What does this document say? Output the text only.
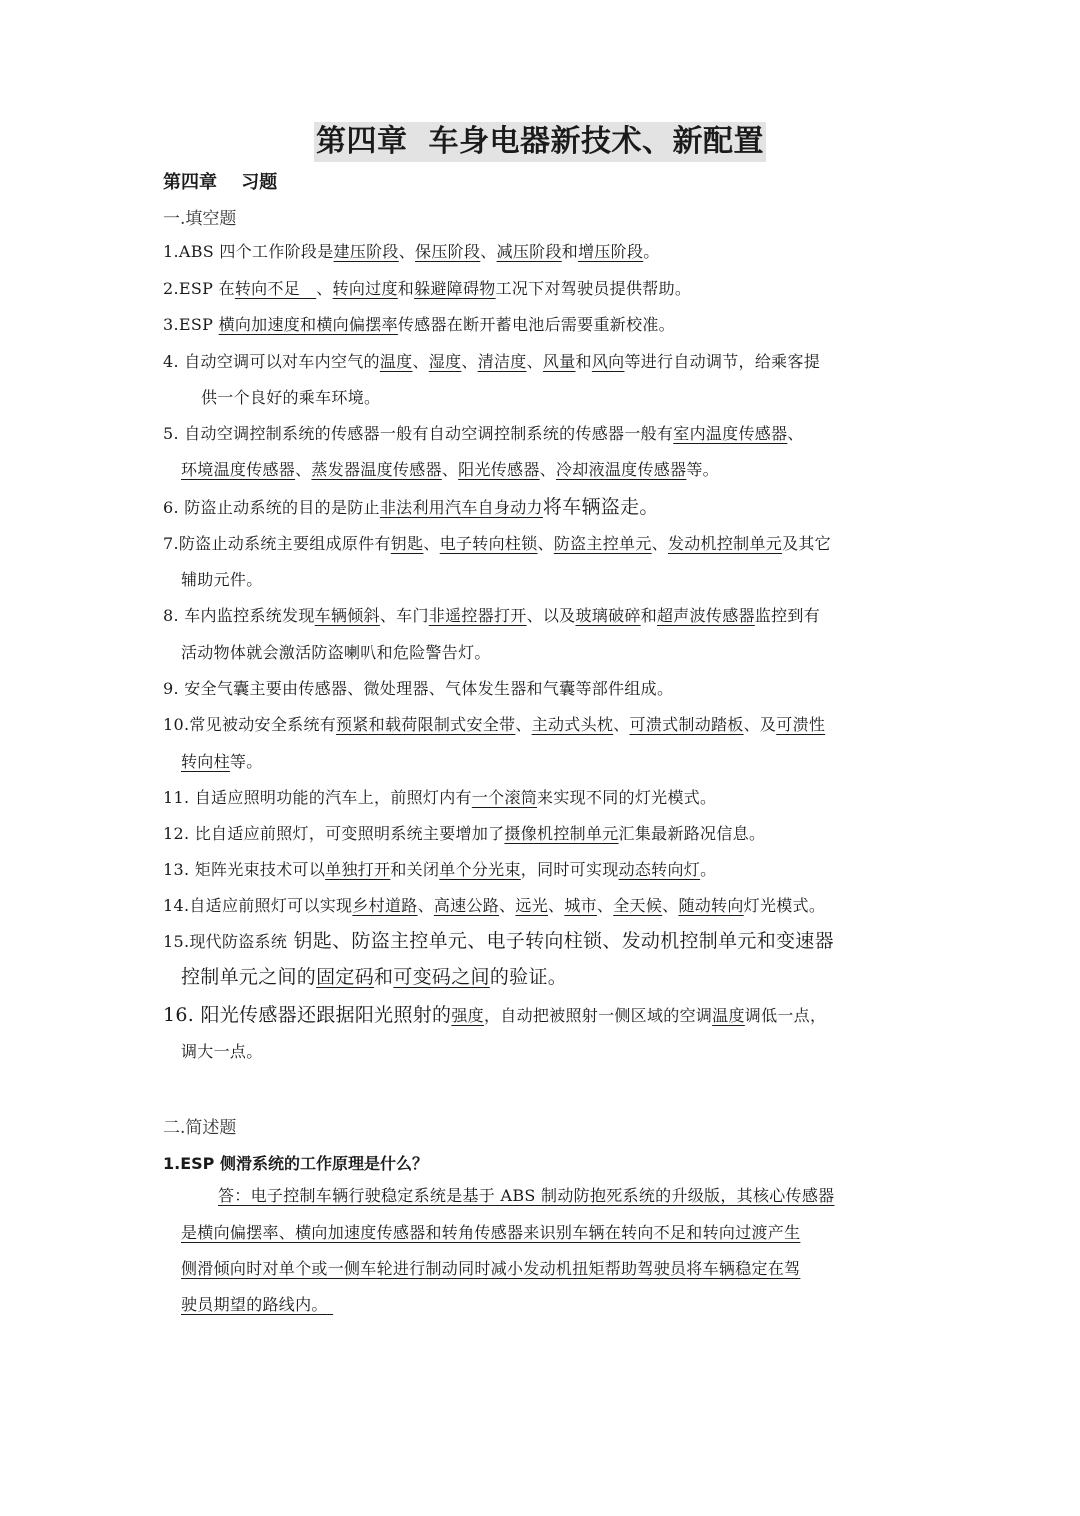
第四章 车身电器新技术、新配置
第四章 习题
一.填空题
1.ABS 四个工作阶段是建压阶段、保压阶段、减压阶段和增压阶段。
2.ESP 在转向不足 、转向过度和躲避障碍物工况下对驾驶员提供帮助。
3.ESP 横向加速度和横向偏摆率传感器在断开蓄电池后需要重新校准。
4. 自动空调可以对车内空气的温度、湿度、清洁度、风量和风向等进行自动调节，给乘客提
供一个良好的乘车环境。
5. 自动空调控制系统的传感器一般有自动空调控制系统的传感器一般有室内温度传感器、
环境温度传感器、蒸发器温度传感器、阳光传感器、冷却液温度传感器等。
6. 防盗止动系统的目的是防止非法利用汽车自身动力将车辆盗走。
7.防盗止动系统主要组成原件有钥匙、电子转向柱锁、防盗主控单元、发动机控制单元及其它
辅助元件。
8. 车内监控系统发现车辆倾斜、车门非遥控器打开、以及玻璃破碎和超声波传感器监控到有
活动物体就会激活防盗喇叭和危险警告灯。
9. 安全气囊主要由传感器、微处理器、气体发生器和气囊等部件组成。
10.常见被动安全系统有预紧和载荷限制式安全带、主动式头枕、可溃式制动踏板、及可溃性
转向柱等。
11. 自适应照明功能的汽车上，前照灯内有一个滚筒来实现不同的灯光模式。
12. 比自适应前照灯，可变照明系统主要增加了摄像机控制单元汇集最新路况信息。
13. 矩阵光束技术可以单独打开和关闭单个分光束，同时可实现动态转向灯。
14.自适应前照灯可以实现乡村道路、高速公路、远光、城市、全天候、随动转向灯光模式。
15.现代防盗系统 钥匙、防盗主控单元、电子转向柱锁、发动机控制单元和变速器
控制单元之间的固定码和可变码之间的验证。
16. 阳光传感器还跟据阳光照射的强度，自动把被照射一侧区域的空调温度调低一点，
调大一点。
二.简述题
1.ESP 侧滑系统的工作原理是什么？
答：电子控制车辆行驶稳定系统是基于 ABS 制动防抱死系统的升级版，其核心传感器
是横向偏摆率、横向加速度传感器和转角传感器来识别车辆在转向不足和转向过渡产生
侧滑倾向时对单个或一侧车轮进行制动同时减小发动机扭矩帮助驾驶员将车辆稳定在驾
驶员期望的路线内。
